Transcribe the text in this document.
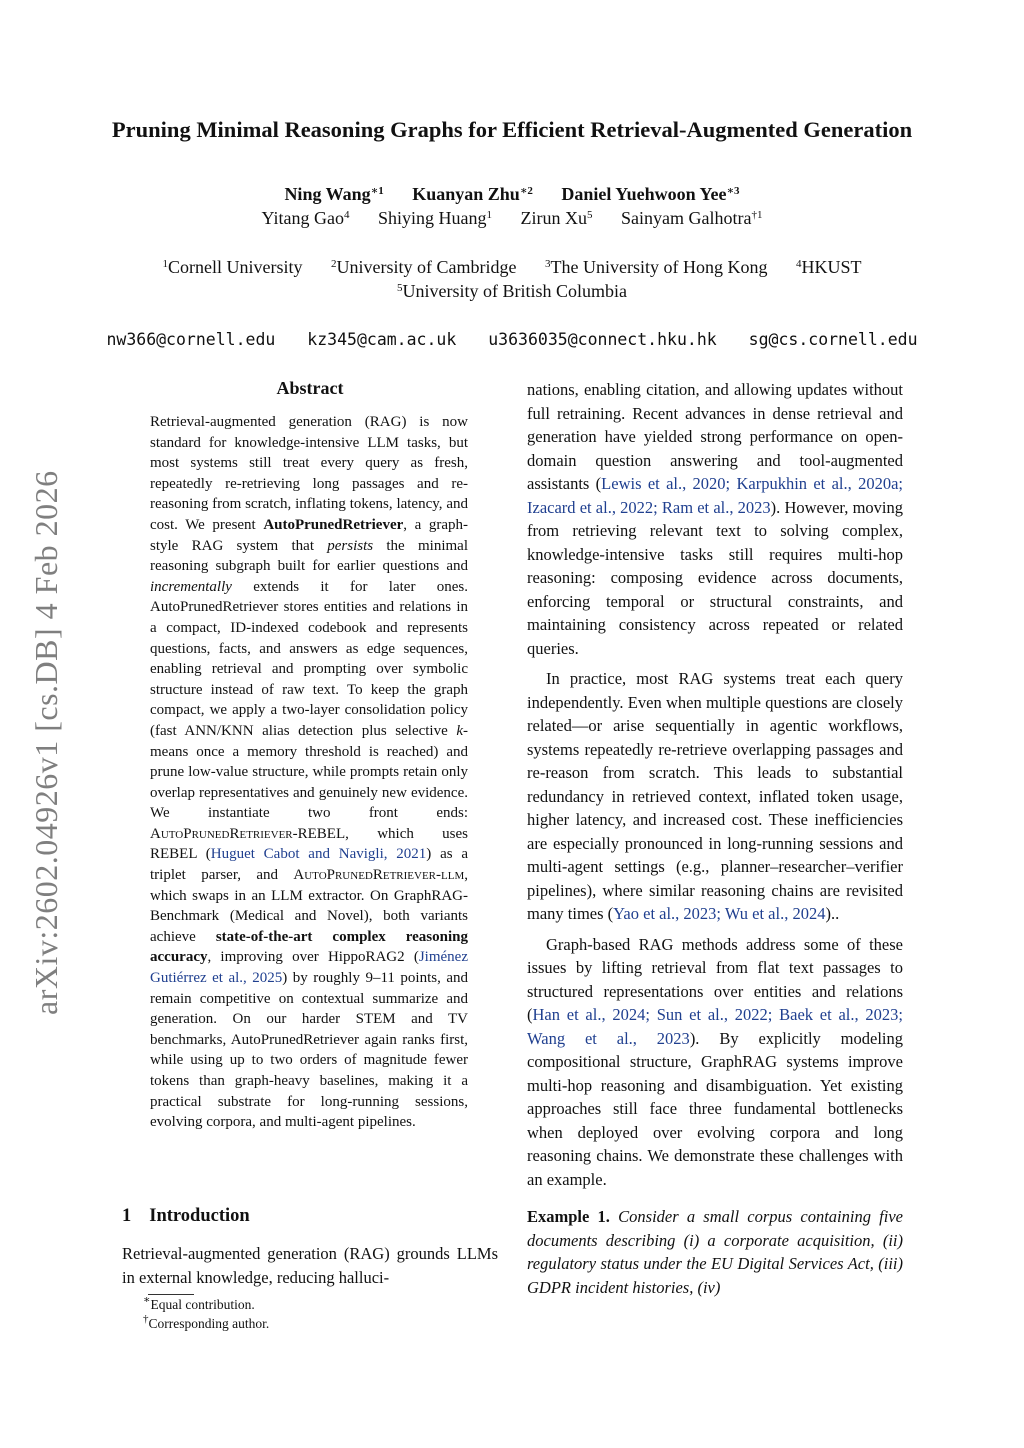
Pruning Minimal Reasoning Graphs for Efficient Retrieval-Augmented Generation
Ning Wang$^{∗1}$ Kuanyan Zhu$^{∗2}$ Daniel Yuehwoon Yee$^{∗3}$
Yitang Gao$^4$ Shiying Huang$^1$ Zirun Xu$^5$ Sainyam Galhotra$^{\dagger 1}$
$^1$Cornell University	$^2$University of Cambridge	$^3$The University of Hong Kong	$^4$HKUST
$^5$University of British Columbia
nw366@cornell.edu kz345@cam.ac.uk u3636035@connect.hku.hk sg@cs.cornell.edu
arXiv:2602.04926v1 [cs.DB] 4 Feb 2026
Abstract

Retrieval-augmented generation (RAG) is now standard for knowledge-intensive LLM tasks, but most systems still treat every query as fresh, repeatedly re-retrieving long passages and re-reasoning from scratch, inflating tokens, latency, and cost. We present AutoPrunedRetriever, a graph-style RAG system that persists the minimal reasoning subgraph built for earlier questions and incrementally extends it for later ones. AutoPrunedRetriever stores entities and relations in a compact, ID-indexed codebook and represents questions, facts, and answers as edge sequences, enabling retrieval and prompting over symbolic structure instead of raw text. To keep the graph compact, we apply a two-layer consolidation policy (fast ANN/KNN alias detection plus selective k-means once a memory threshold is reached) and prune low-value structure, while prompts retain only overlap representatives and genuinely new evidence. We instantiate two front ends: AutoPrunedRetriever-REBEL, which uses REBEL (Huguet Cabot and Navigli, 2021) as a triplet parser, and AutoPrunedRetriever-llm, which swaps in an LLM extractor. On GraphRAG-Benchmark (Medical and Novel), both variants achieve state-of-the-art complex reasoning accuracy, improving over HippoRAG2 (Jiménez Gutiérrez et al., 2025) by roughly 9–11 points, and remain competitive on contextual summarize and generation. On our harder STEM and TV benchmarks, AutoPrunedRetriever again ranks first, while using up to two orders of magnitude fewer tokens than graph-heavy baselines, making it a practical substrate for long-running sessions, evolving corpora, and multi-agent pipelines.

1 Introduction

Retrieval-augmented generation (RAG) grounds LLMs in external knowledge, reducing halluci-

∗Equal contribution.
†Corresponding author.

nations, enabling citation, and allowing updates without full retraining. Recent advances in dense retrieval and generation have yielded strong performance on open-domain question answering and tool-augmented assistants (Lewis et al., 2020; Karpukhin et al., 2020a; Izacard et al., 2022; Ram et al., 2023). However, moving from retrieving relevant text to solving complex, knowledge-intensive tasks still requires multi-hop reasoning: composing evidence across documents, enforcing temporal or structural constraints, and maintaining consistency across repeated or related queries.

In practice, most RAG systems treat each query independently. Even when multiple questions are closely related—or arise sequentially in agentic workflows, systems repeatedly re-retrieve overlapping passages and re-reason from scratch. This leads to substantial redundancy in retrieved context, inflated token usage, higher latency, and increased cost. These inefficiencies are especially pronounced in long-running sessions and multi-agent settings (e.g., planner–researcher–verifier pipelines), where similar reasoning chains are revisited many times (Yao et al., 2023; Wu et al., 2024)..

Graph-based RAG methods address some of these issues by lifting retrieval from flat text passages to structured representations over entities and relations (Han et al., 2024; Sun et al., 2022; Baek et al., 2023; Wang et al., 2023). By explicitly modeling compositional structure, GraphRAG systems improve multi-hop reasoning and disambiguation. Yet existing approaches still face three fundamental bottlenecks when deployed over evolving corpora and long reasoning chains. We demonstrate these challenges with an example.

Example 1. Consider a small corpus containing five documents describing (i) a corporate acquisition, (ii) regulatory status under the EU Digital Services Act, (iii) GDPR incident histories, (iv)
